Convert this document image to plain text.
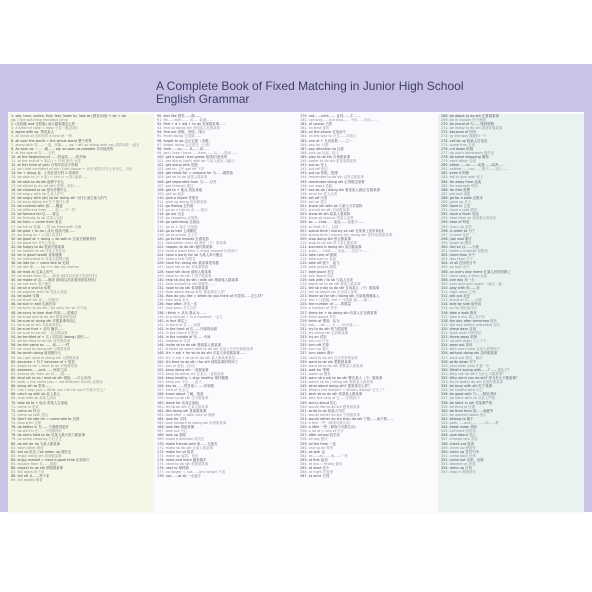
A Complete Book of Fixed Matching in Junior High School
English Grammar
1. see, hear, notice, find, feel, listen to, look at (感官动词) + sb + do
eg: I like watching monkeys jump
2. (比较级 and 比较级) 表示越来越怎么样
3. a piece of cake = easy 小菜一碟(容易)
4. agree with sb. 赞成某人
5. all kinds of 各种各样 a kind of 一种
6. all over the world = the whole world 整个世界
7. along with 同……一道，伴随…… eg: I will go along with you 我将和你一起去
8. As soon as 一……就…… eg: as soon as possible 尽可能快的
9. at the age of 在……岁时
10. at the beginning of ……的起初 ……的开始
11. at the end of + 地点 / + 时间 最后 末尾
12. at this time of year 在每年的这个时候
13. be / feel confident of sth / that clause + 从句 感觉/对什么有信心，自信
14. be + doing 表：1 现在进行时 2 将来时
15. be able to (+ v 原) = can (+ v 原) 能够……
16. be able to do sth 能够干什么
17. be afraid to do (of sth) 恐惧，害怕……
18. be allowed to do 被允许做什么
19. be angry with sb 生某人的气
20. be angry with (at) sb for doing sth 为什么而生某人的气
21. be busy doing sth 忙于做什么事
22. be covered with 被……覆盖
23. be different from …… 和……不一样
24. be famous for 以……著名
25. be friendly to sb 对某人友好
26. be from = come from 来自
27. be full of 装满……的 be filled with 充满
28. be glad + to do / 从句 很高兴做……
29. be going to + v (原) 将来时
30. be good at + doing = do well in 在某方面做得好
31. be good for 对什么有益
32. be happy to do 很高兴做某事
33. be helpful to sb 对某人有好处
34. be in good health 身体健康
35. be interested in 对某方面感兴趣
36. be late for = come late to 迟到
37. be like 像…… eg: I'm like my mother
38. be mad at 生某人的气
39. be made from 由……制成 (制成以后看不见原材料)
40. be made of 由……制成 (制成以后还看得见原材料)
41. be not sure 表不确定
42. be on a visit to 参观
43. be popular with sb 受某人欢迎
44. be quiet 安静
45. be short for 表……的缩写
46. be sick in bed 生病在床
47. be sorry to do sth / be sorry for sb 对不起
48. be sorry to hear that 听到……很难过
49. be surprised to do sth 做某事很惊讶
50. be sure of doing sth 对做某事有信心
51. be sure of sth 对某事有信心
52. be sure that + 从句 确信……
53. be sure to do sth 一定会做某事
54. be terrified of + 名 / 动名词 (doing) 害怕……
55. be terrified to do sth 害怕做某事
56. be the same as …… 和……一样
57. be used to doing sth 习惯做某事
58. be worth doing 值得做什么
59. be / get used to doing sth 习惯做某事
60. because + 句子 because of + 短语
61. begin to do = start to do 开始做某事
62. between……and…… 两者之间
63. borrow sth from sb 向……借……
64. lend sth to sb / lend sb sth 借给……什么东西
65. both = the same (as) = not different (from) 表相同
66. bring sth to 带来……
67. Can I help you = What can I do for you? 你要买什么？
68. catch up with sb 赶上某人
69. chat with sb 和某人闲谈
70. take sb to + 地点 带某人去某地
71. come in 进来
72. come on 快点
73. come up with 提出
74. Don't be late for = come late to 迟到
75. deal with 处理
76. do better in 在……方面做得更好
77. do well in 在……方面做得好
78. do one's best to do 尽某人最大努力做某事
79. do some cleaning 打扫卫生
80. do sth for sb 为某人做某事
81. each other 彼此
82. eat up 吃光 / be eaten up 被吃光
83. enjoy doing sth 喜欢做某事
84. enjoy oneself = have a good time 玩得高兴
85. escape from 从……逃跑
86. expect to do sth 期待做某事
87. fall down 摔下来
88. fall off 从……摔下来
89. fall asleep 睡着
90. feel like 感觉……像……
91. fill……with…… 用……装满……
92. find + it + adj + to do 发现做某事……
93. find sb doing sth 发现某人在做某事
94. find out 查明，发现，找出
95. finish doing 完成做……
96. forget to do 忘记去做（未做）
97. forget doing 忘记做过（已做）
98. from……to…… 从……到……
99. get / take / have……from…… 从……得到……
100. get a good / bad grade 取得好/差成绩
101. get along (well) with sb 与某人相处（融洽）
102. get along with 进展
103. get on 上车 get off 下车
104. get ready for = prepare for 为……做准备
105. get sb to do 使某人做某事
106. get separated from 与……分开
107. get through 通过
108. get to + 地点 到达某地
109. get up 起床
110. give a report 作报告
111. give up doing 放弃做某事
112. go fishing 去钓鱼
113. go on a trip to 去……旅行
114. go out 出去
115. go shopping 去购物
116. go swimming 去游泳
117. go to + 地点 去某地
118. go to bed 上床睡觉
119. go to school 去上学
120. go to the movies 去看电影
121. had better (not) do 最好（不）做某事
122. happen to do sth 碰巧做某事
123. have a good time = enjoy oneself 玩得高兴
124. have a party for sb 为某人举行聚会
125. have a talk 听报告
126. have fun doing sth 做某事很有趣
127. have sth to do 有某事要做
128. have sth done 请别人做某事
129. have to do sth 不得不做某事
130. help sb (to) do sth / with sth 帮助某人做某事
131. help oneself to sth 随便吃……
132. hope to do sth 希望做某事
133. How about doing sth? 做某事怎么样？
134. How do you like = What do you think of 你觉得……怎么样？
135. how long 多久
136. how often 多久一次
137. how soon 多久以后
138. I think + 从句 我认为……
139. in a minute = in a moment 一会儿
140. in fact 事实上
141. in front of 在……前面
142. in the front of 在……内部的前面
143. in the future 在将来
144. in the middle of 在……中间
145. instead of 代替
146. invite sb to do sth 邀请某人做某事
147. It takes sb some time to do sth 花某人多长时间做某事
148. It's + adj + for sb to do sth 对某人来说做某事……
149. It's + adj + of sb to do sth 某人做某事真是……
150. It's time to do sth / for sth 到做某事的时间了
151. join in 参加（活动）
152. keep doing sth 一直做某事
153. keep sb doing sth 让某人一直做某事
154. keep healthy = stay healthy 保持健康
155. keep out 不让……进入
156. key to ……的答案 / ……的钥匙
157. kind of 有点儿
158. know about 了解，知道
159. learn to do sth 学习做某事
160. leave for 动身去某地
161. let sb do sth 让某人做某事
162. like doing sth 喜欢做某事
163. look after = take care of 照顾
164. look for 寻找
165. look forward to doing sth 盼望做某事
166. look like 看起来像
167. look out 小心
168. look up 查阅
169. make a decision 做决定
170. make friends with 和……交朋友
171. make sb do sth 让某人做某事
172. make fun of 取笑
173. make up 编造，化妆
174. more and more 越来越多
175. need to do sth 需要做某事
176. next to 紧挨着
177. no longer = not……any longer 不再
178. not……at all 一点也不
179. not……until…… 直到……才……
180. not only……but also…… 不但……而且……
181. of course 当然
182. on time 准时
183. on the phone 在电话中
184. on the way to 在去……的路上
185. one of + 名词复数 ……之一
186. pay for 付款
187. pay attention to 注意
188. pick up 捡起，接人
189. plan to do sth 计划做某事
190. prefer to do sth 更喜欢做某事
191. put on 穿上
192. put off 推迟
193. put up 张贴，搭建
194. remember to do sth 记得去做某事
195. remember doing sth 记得做过某事
196. run away 逃跑
197. see sb do / doing sth 看见某人做/正在做某事
198. send for 派人去请
199. set off 出发
200. set up 建立
201. share sth with sb 与某人分享某物
202. should do sth 应该做某事
203. show sb sth 给某人看某物
204. show sb around 带某人参观
205. so……that…… 如此……以至于……
206. so that 为了，以便
207. spend time / money on sth 在某事上花时间/钱
208. spend time / money (in) doing sth 花时间/钱做某事
209. stop doing sth 停止做某事
210. stop to do sth 停下来去做某事
211. succeed in doing sth 成功做某事
212. such……that…… 如此……以至于……
213. take care of 照顾
214. take part in 参加
215. take off 脱下，起飞
216. take photos 照相
217. take place 发生
218. talk about 谈论
219. talk with / to sb 与某人交谈
220. teach sb to do sth 教某人做某事
221. tell sb (not) to do sth 告诉某人（不）做某事
222. tell sb about sth 告诉某人某事
223. thank sb for sth / doing sth 为某事感谢某人
224. the + 比较级, the + 比较级 越……越……
225. the number of ……的数量
226. a number of 许多
227. there be + sb doing sth 有某人正在做某事
228. think about 考虑
229. think of 想到，认为
230. too……to…… 太……而不能……
231. try to do sth 努力做某事
232. try doing sth 尝试做某事
233. try on 试穿
234. turn on 打开
235. turn off 关掉
236. turn up 调大
237. turn down 调小
238. used to do sth 过去常常做某事
239. want to do sth 想要做某事
240. want sb to do sth 想要某人做某事
241. wait for 等候
242. wake up 醒来
243. warn sb (not) to do sth 警告某人（不）做某事
244. watch sb do / doing sth 观看某人做某事
245. what about doing sth? 做某事怎么样？
246. What's the matter? = What's wrong? 怎么了？
247. wish sb to do sth 希望某人做某事
248. with the help of 在……的帮助下
249. worry about 担心
250. would like to do sth 想要做某事
251. write to sb 给某人写信
252. would rather do sth 宁愿做某事
253. would rather do sth than do sth 宁愿……而不愿……
254. a few 一些（修饰可数名词）
255. a little 一些（修饰不可数名词）
256. a lot of = lots of 许多
257. after school 放学后
258. all day 整天
259. all the time 一直
260. and so on 等等
261. as well 也
262. as……as…… 和……一样
263. at first 起初
264. at last = finally 最后
265. at least 至少
266. at night 在夜里
267. at once 立刻
268. be about to do sth 正要做某事
269. be in trouble 处于困境
270. be proud of 为……感到骄傲
271. be ready to do sth 准备好做某事
272. because of 因为
273. by the way 顺便问一下
274. call sb up 给某人打电话
275. come true 实现
276. cut down 砍倒
277. do one's homework 做作业
278. do some shopping 购物
279. each other 互相
280. either……or…… 或者……或者……
281. neither……nor…… 既不……也不……
282. even if 即使
283. fall in love with 爱上
284. far away from 远离
285. for example 例如
286. for free 免费
287. get lost 迷路
288. go for a walk 去散步
289. grow up 长大
290. hand in 上交
291. have a cold 感冒
292. have a fever 发烧
293. hear from sb 收到某人的来信
294. hear of 听说
295. hurry up 赶快
296. in order to 为了
297. in time 及时
298. just now 刚才
299. laugh at 嘲笑
300. live on 以……为食
301. make a mistake 犯错误
302. more than 多于
303. less than 少于
304. of all 在所有当中
305. on foot 步行
306. on one's way home 在某人回家的路上
307. once upon a time 从前
308. one day 有一天
309. over and over again 一遍又一遍
310. play with 和……玩
311. right away 立刻
312. sell out 卖完
313. shout at 对……大喊
314. side by side 肩并肩
315. so far 到目前为止
316. take a walk 散步
317. take a bus 乘公共汽车
318. the day after tomorrow 后天
319. the day before yesterday 前天
320. these days 目前
321. think over 仔细考虑
322. throw away 扔掉
323. up and down 上上下下
324. wear out 穿坏
325. with one's help 在某人的帮助下
326. without doing sth 没有做某事
327. work out 算出，解决
328. write down 写下
329. year after year 年复一年
330. What's wrong with……? ……怎么了？
331. Why not do sth? 为什么不做某事？
332. Why don't you do sth? 你为什么不做某事？
333. You'd better do sth 你最好做某事
334. be busy with sth 忙于某事
335. be careful with 小心
336. be good with 与……相处得好
337. be strict with sb 对某人严格
338. be strict in sth 对某事严格
339. be tired of 厌倦
340. be tired from 因……而疲劳
341. be worried about 担心
342. belong to 属于
343. both……and…… ……和……都
344. break down 损坏
345. call back 回电话
346. care about 关心
347. change into 变成
348. check out 检查
349. cheer up 使振作
350. clean up 打扫干净
351. come back 回来
352. come out 出来，出版
353. depend on 依靠
354. dress up 打扮
355. drop in 顺便拜访
